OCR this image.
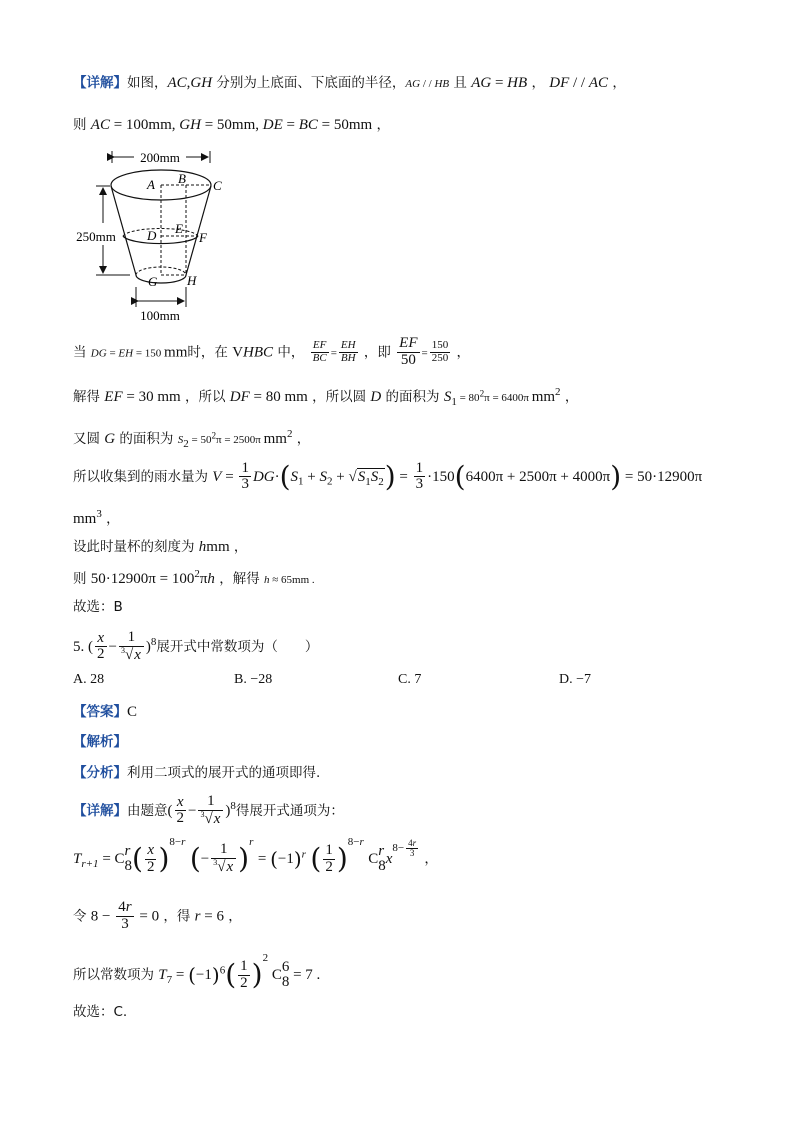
【详解】如图，AC,GH 分别为上底面、下底面的半径，AG / / HB 且 AG = HB ， DF / / AC ，
则 AC = 100mm, GH = 50mm, DE = BC = 50mm ，
200mm
250mm
100mm
A B C
D E
F
G H
当 DG = EH = 150 mm时，在 VHBC 中， $\frac{EF}{BC} = \frac{EH}{BH}$ ，即 $\frac{EF}{50} = \frac{150}{250}$ ，
解得 EF = 30 mm ，所以 DF = 80 mm ，所以圆 D 的面积为 $S_1 = 80^2\pi = 6400\pi$ $mm^2$ ，
又圆 G 的面积为 $S_2 = 50^2\pi = 2500\pi$ $mm^2$ ，
所以收集到的雨水量为 $V = \frac{1}{3} DG\cdot(S_1 + S_2 + √S_1S_2) = \frac{1}{3} \cdot 150(6400\pi + 2500\pi + 4000\pi) = 50\cdot 12900\pi$
$mm^3$ ，
设此时量杯的刻度为 hmm ，
则 $50\cdot 12900\pi = 100^2\pi h$ ，解得 h ≈ 65mm .
故选：B
5. ( $\frac{x}{2} - \frac{1}{^3√x} )^8$展开式中常数项为（　　）
A. 28	B. −28	C. 7	D. −7
【答案】C
【解析】
【分析】利用二项式的展开式的通项即得.
【详解】由题意( $\frac{x}{2} - \frac{1}{^3√x} )^8$得展开式通项为：
$T_{r+1} = C$ r
8 ( $\frac{x}{2} )^{8-r}$ (− $\frac{1}{^3√x} )^r = (-1)^r$ ( $\frac{1}{2} )^{8-r}$ C r
8 $x^{8- \frac{4r}{3}}$
，
令 $8 - \frac{4r}{3} = 0$ ，得 r = 6 ，
所以常数项为 $T_7 = (-1)^6( \frac{1}{2} )^2$ C 6
8 = 7 .
故选：C.
